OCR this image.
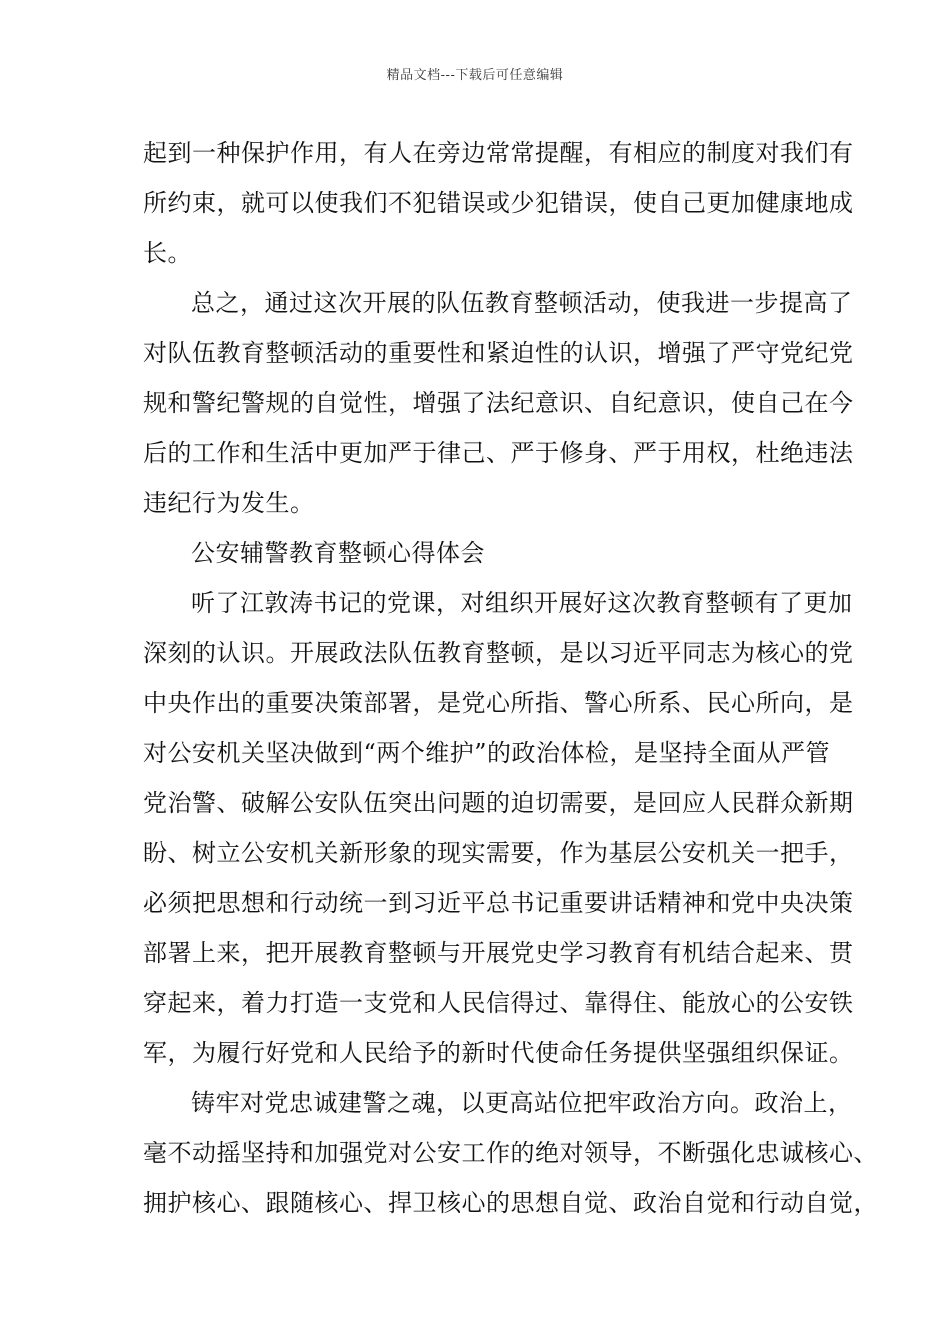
精品文档---下载后可任意编辑
起到一种保护作用，有人在旁边常常提醒，有相应的制度对我们有
所约束，就可以使我们不犯错误或少犯错误，使自己更加健康地成
长。
总之，通过这次开展的队伍教育整顿活动，使我进一步提高了
对队伍教育整顿活动的重要性和紧迫性的认识，增强了严守党纪党
规和警纪警规的自觉性，增强了法纪意识、自纪意识，使自己在今
后的工作和生活中更加严于律己、严于修身、严于用权，杜绝违法
违纪行为发生。
公安辅警教育整顿心得体会
听了江敦涛书记的党课，对组织开展好这次教育整顿有了更加
深刻的认识。开展政法队伍教育整顿，是以习近平同志为核心的党
中央作出的重要决策部署，是党心所指、警心所系、民心所向，是
对公安机关坚决做到“两个维护”的政治体检，是坚持全面从严管
党治警、破解公安队伍突出问题的迫切需要，是回应人民群众新期
盼、树立公安机关新形象的现实需要，作为基层公安机关一把手，
必须把思想和行动统一到习近平总书记重要讲话精神和党中央决策
部署上来，把开展教育整顿与开展党史学习教育有机结合起来、贯
穿起来，着力打造一支党和人民信得过、靠得住、能放心的公安铁
军，为履行好党和人民给予的新时代使命任务提供坚强组织保证。
铸牢对党忠诚建警之魂，以更高站位把牢政治方向。政治上，
毫不动摇坚持和加强党对公安工作的绝对领导，不断强化忠诚核心、
拥护核心、跟随核心、捍卫核心的思想自觉、政治自觉和行动自觉，
